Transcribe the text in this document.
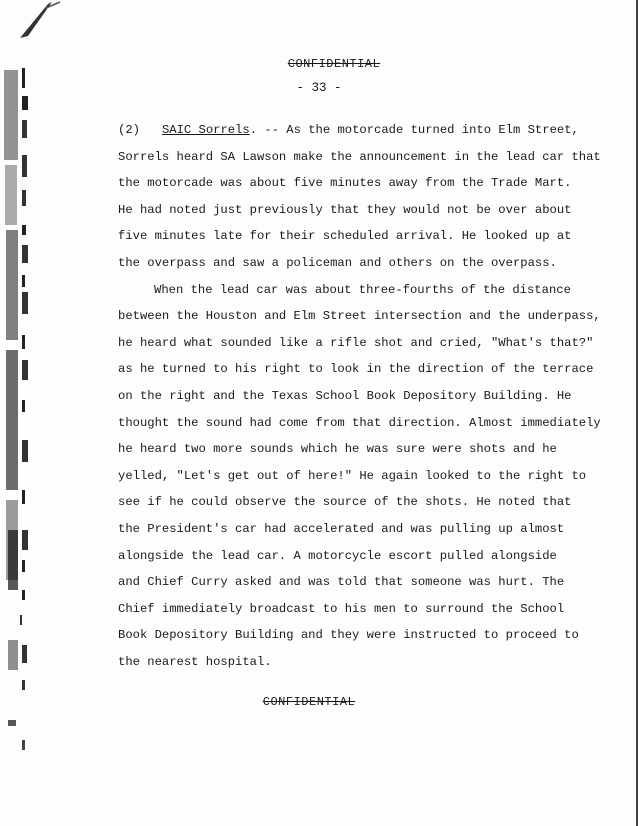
CONFIDENTIAL
- 33 -
(2) SAIC Sorrels. -- As the motorcade turned into Elm Street,
Sorrels heard SA Lawson make the announcement in the lead car that
the motorcade was about five minutes away from the Trade Mart.
He had noted just previously that they would not be over about
five minutes late for their scheduled arrival. He looked up at
the overpass and saw a policeman and others on the overpass.
When the lead car was about three-fourths of the distance
between the Houston and Elm Street intersection and the underpass,
he heard what sounded like a rifle shot and cried, "What's that?"
as he turned to his right to look in the direction of the terrace
on the right and the Texas School Book Depository Building. He
thought the sound had come from that direction. Almost immediately
he heard two more sounds which he was sure were shots and he
yelled, "Let's get out of here!" He again looked to the right to
see if he could observe the source of the shots. He noted that
the President's car had accelerated and was pulling up almost
alongside the lead car. A motorcycle escort pulled alongside
and Chief Curry asked and was told that someone was hurt. The
Chief immediately broadcast to his men to surround the School
Book Depository Building and they were instructed to proceed to
the nearest hospital.
CONFIDENTIAL
